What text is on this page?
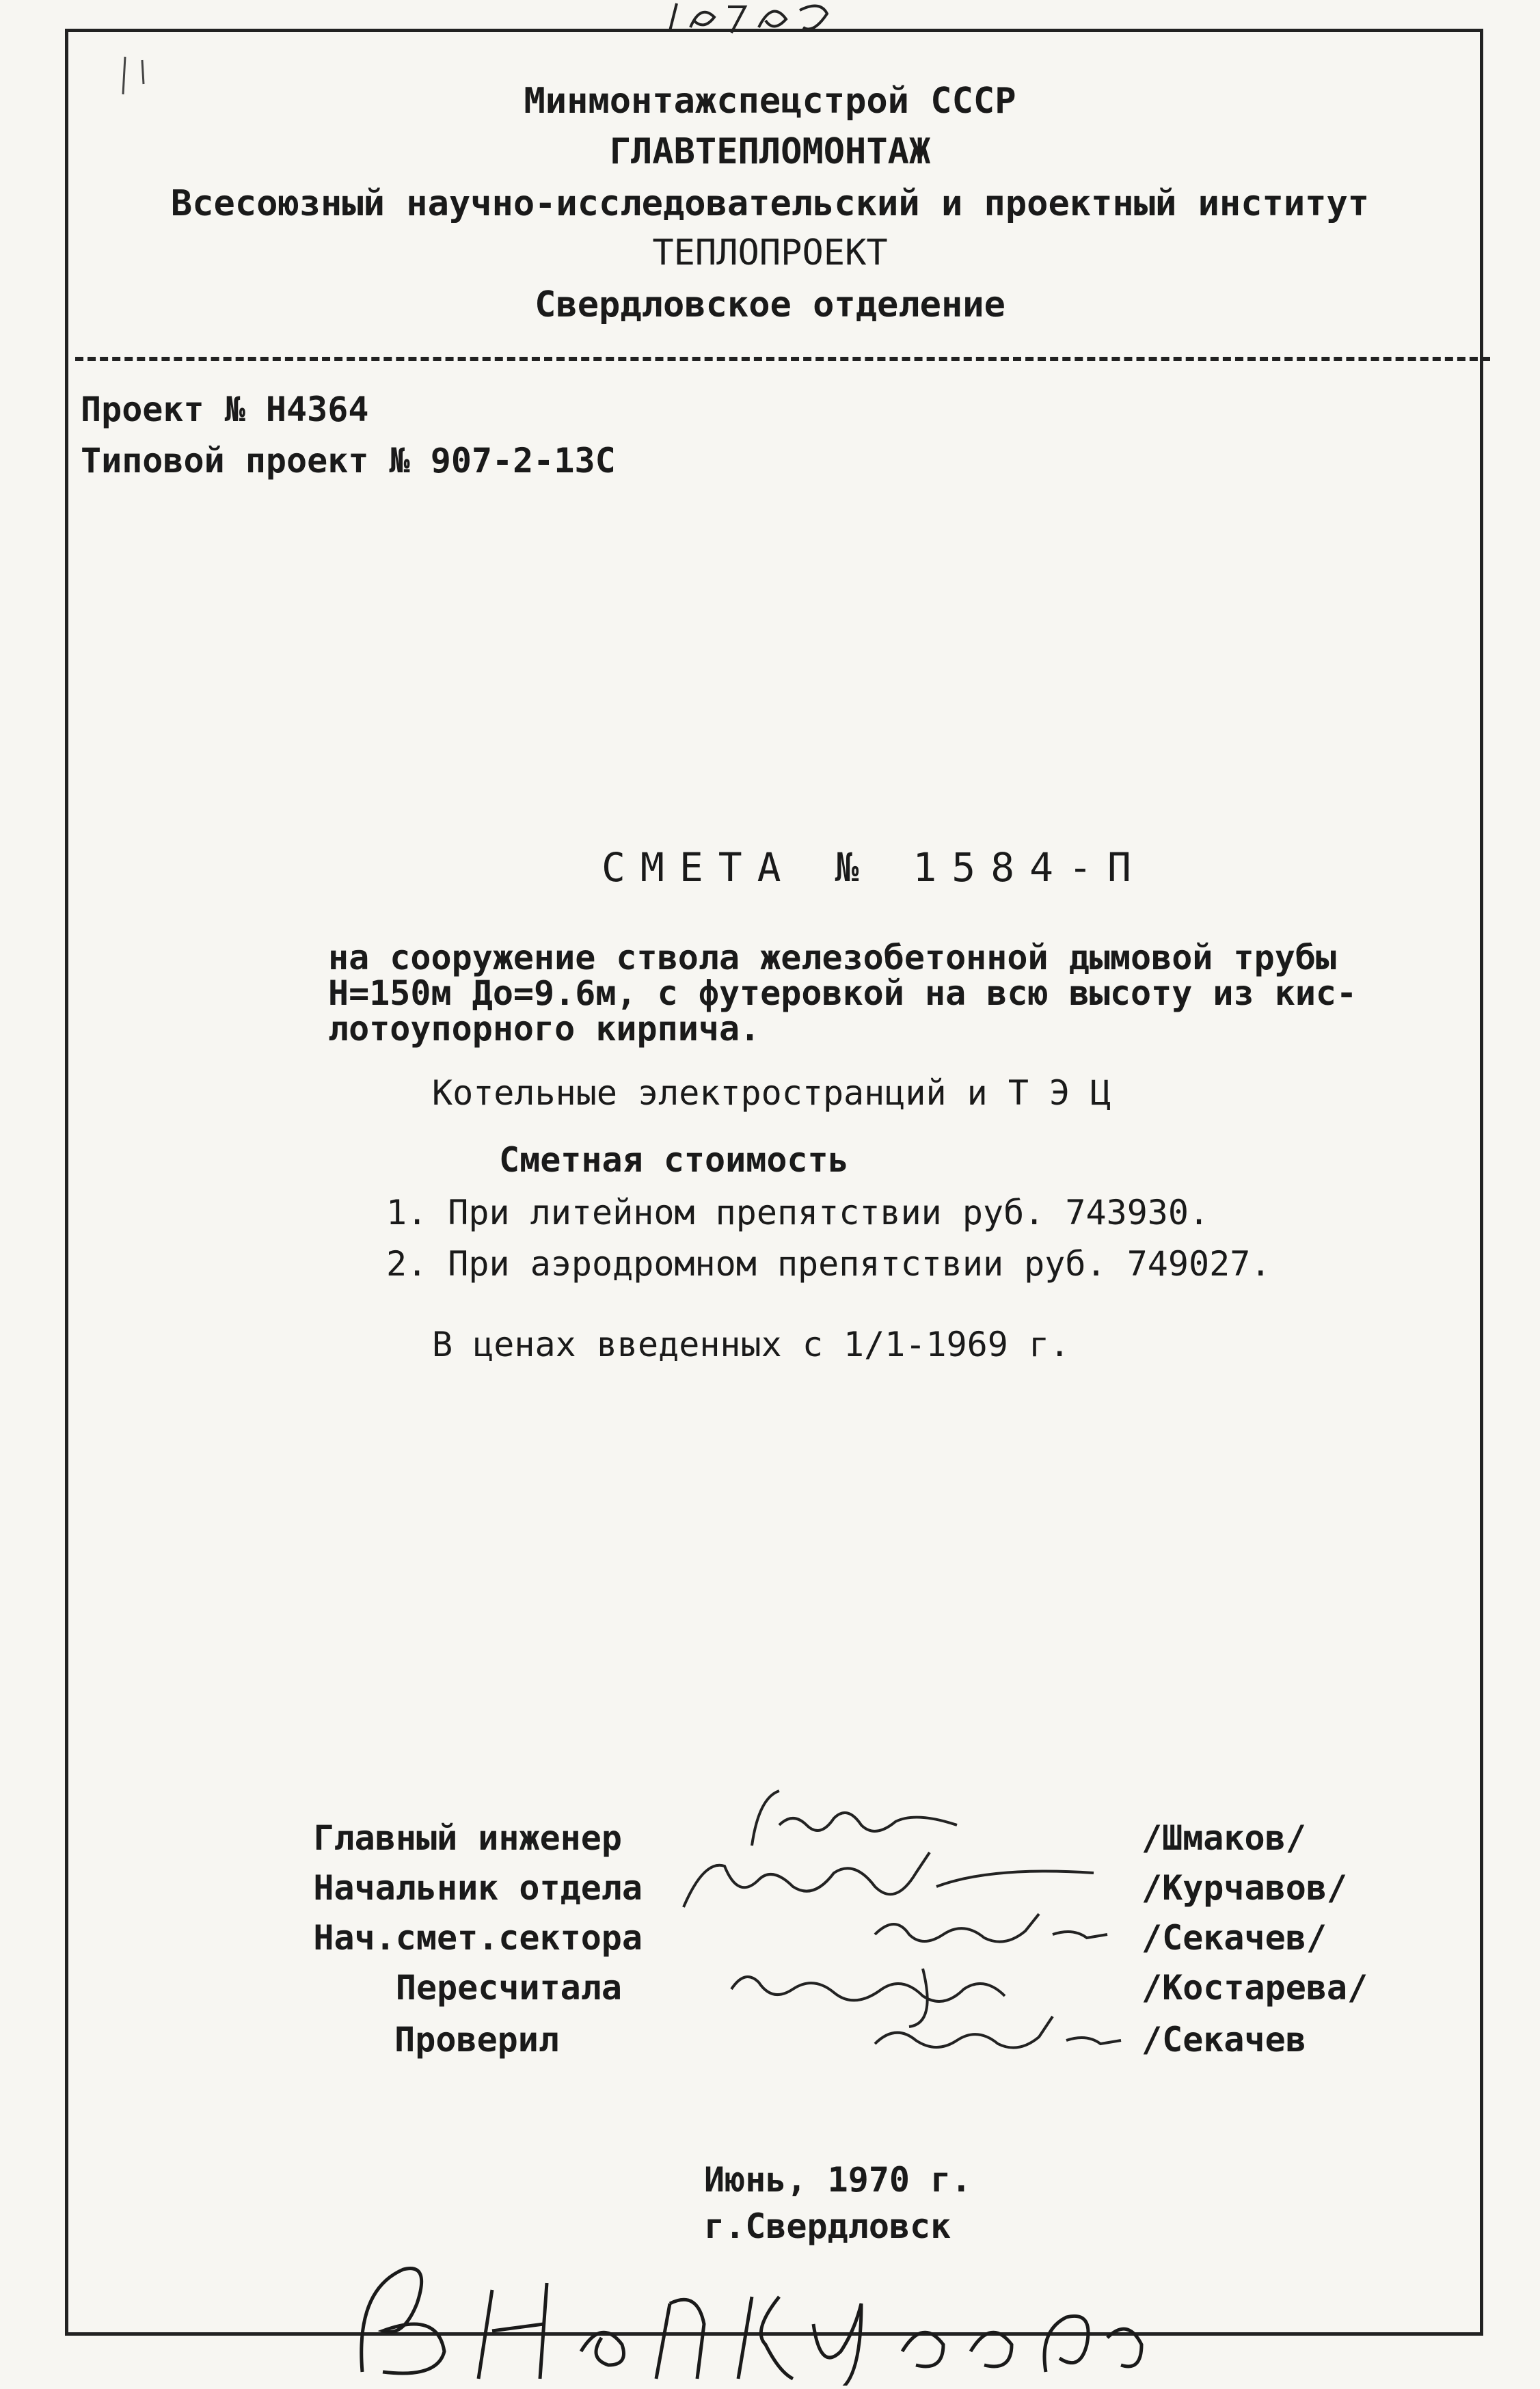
Минмонтажспецстрой СССР
ГЛАВТЕПЛОМОНТАЖ
Всесоюзный научно-исследовательский и проектный институт
ТЕПЛОПРОЕКТ
Свердловское отделение
Проект № Н4364
Типовой проект № 907-2-13С
СМЕТА № 1584-П
на сооружение ствола железобетонной дымовой трубы
Н=150м До=9.6м, с футеровкой на всю высоту из кис-
лотоупорного кирпича.
Котельные электространций и Т Э Ц
Сметная стоимость
1. При литейном препятствии руб. 743930.
2. При аэродромном препятствии руб. 749027.
В ценах введенных с 1/1-1969 г.
Главный инженер
Начальник отдела
Нач.смет.сектора
Пересчитала
Проверил
/Шмаков/
/Курчавов/
/Секачев/
/Костарева/
/Секачев
Июнь, 1970 г.
г.Свердловск
